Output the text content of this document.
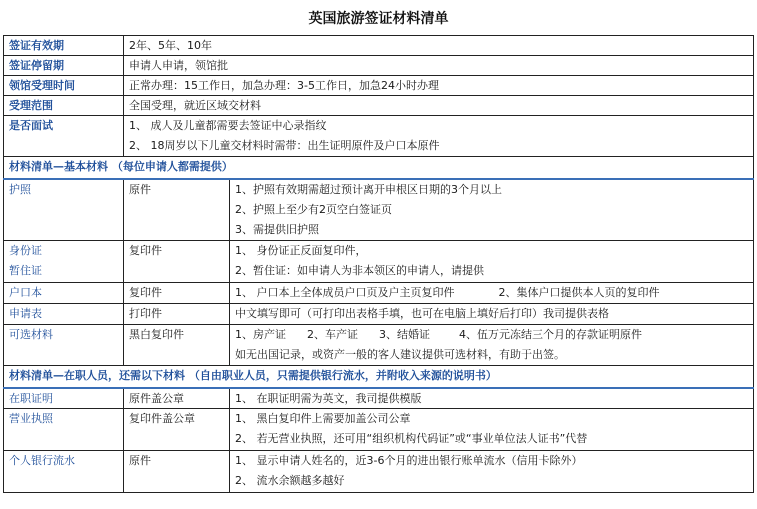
英国旅游签证材料清单
签证有效期	2年、5年、10年	
签证停留期	申请人申请，领馆批	
领馆受理时间	正常办理：15工作日，加急办理：3-5工作日，加急24小时办理	
受理范围	全国受理，就近区域交材料	
是否面试	1、 成人及儿童都需要去签证中心录指纹
2、 18周岁以下儿童交材料时需带：出生证明原件及户口本原件	

材料清单—基本材料 （每位申请人都需提供）		
护照	原件	1、护照有效期需超过预计离开申根区日期的3个月以上
2、护照上至少有2页空白签证页
3、需提供旧护照

身份证
暂住证	复印件	1、 身份证正反面复印件，
2、暂住证：如申请人为非本领区的申请人，请提供

户口本	复印件	1、 户口本上全体成员户口页及户主页复印件 2、集体户口提供本人页的复印件
申请表	打印件	中文填写即可（可打印出表格手填，也可在电脑上填好后打印）我司提供表格
可选材料	黑白复印件	1、房产证 2、车产证 3、结婚证 4、伍万元冻结三个月的存款证明原件
如无出国记录，或资产一般的客人建议提供可选材料，有助于出签。

材料清单—在职人员，还需以下材料 （自由职业人员，只需提供银行流水，并附收入来源的说明书）		
在职证明	原件盖公章	1、 在职证明需为英文，我司提供模版
营业执照	复印件盖公章	1、 黑白复印件上需要加盖公司公章
2、 若无营业执照，还可用“组织机构代码证”或“事业单位法人证书”代替

个人银行流水	原件	1、 显示申请人姓名的，近3-6个月的进出银行账单流水（信用卡除外）
2、 流水余额越多越好
